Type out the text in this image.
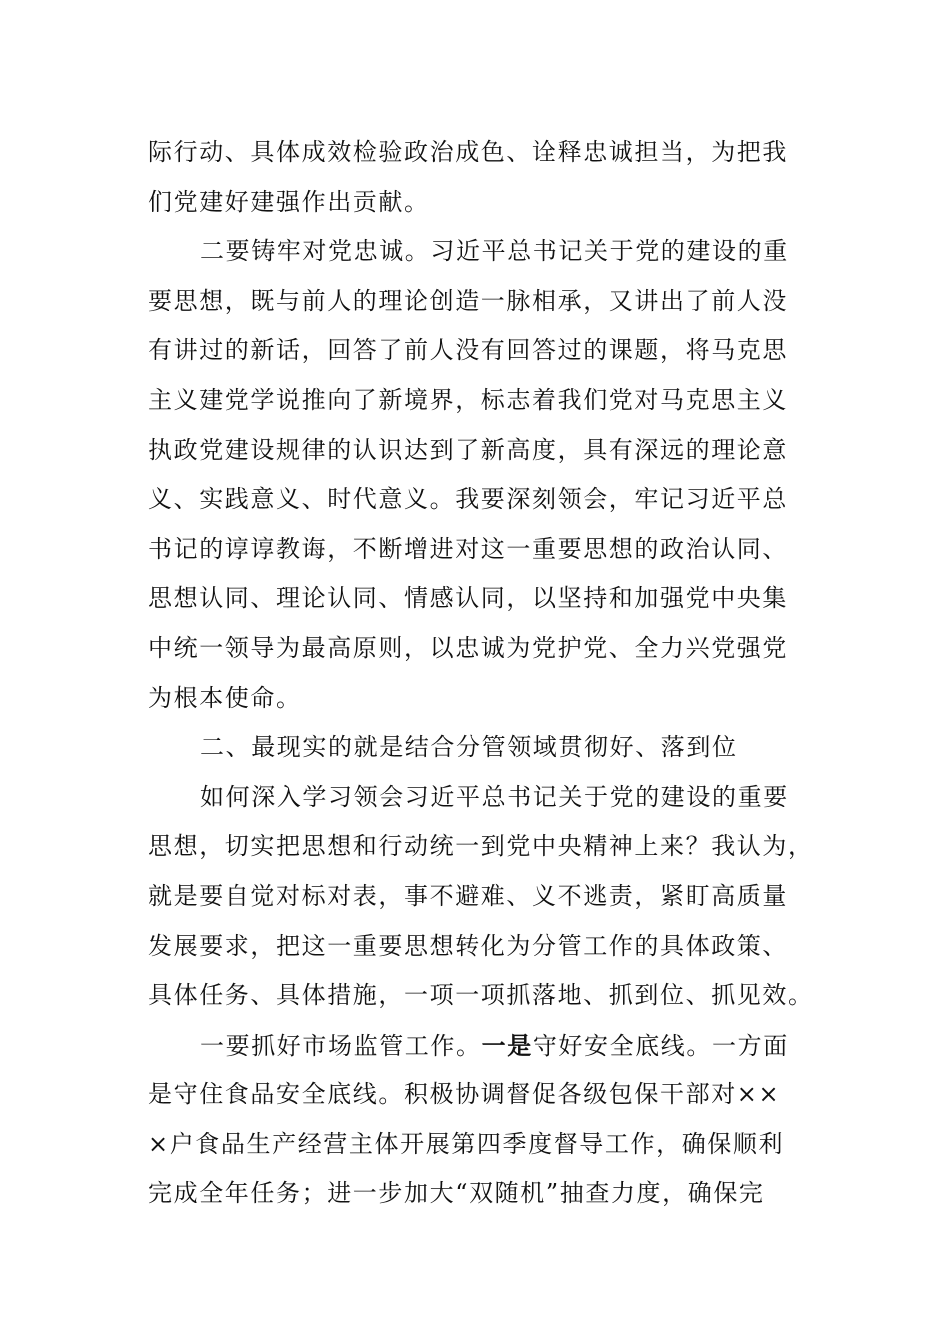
际行动、具体成效检验政治成色、诠释忠诚担当，为把我
们党建好建强作出贡献。
二要铸牢对党忠诚。习近平总书记关于党的建设的重
要思想，既与前人的理论创造一脉相承，又讲出了前人没
有讲过的新话，回答了前人没有回答过的课题，将马克思
主义建党学说推向了新境界，标志着我们党对马克思主义
执政党建设规律的认识达到了新高度，具有深远的理论意
义、实践意义、时代意义。我要深刻领会，牢记习近平总
书记的谆谆教诲，不断增进对这一重要思想的政治认同、
思想认同、理论认同、情感认同，以坚持和加强党中央集
中统一领导为最高原则，以忠诚为党护党、全力兴党强党
为根本使命。
二、最现实的就是结合分管领域贯彻好、落到位
如何深入学习领会习近平总书记关于党的建设的重要
思想，切实把思想和行动统一到党中央精神上来？我认为，
就是要自觉对标对表，事不避难、义不逃责，紧盯高质量
发展要求，把这一重要思想转化为分管工作的具体政策、
具体任务、具体措施，一项一项抓落地、抓到位、抓见效。
一要抓好市场监管工作。一是守好安全底线。一方面
是守住食品安全底线。积极协调督促各级包保干部对××
×户食品生产经营主体开展第四季度督导工作，确保顺利
完成全年任务；进一步加大“双随机”抽查力度，确保完
